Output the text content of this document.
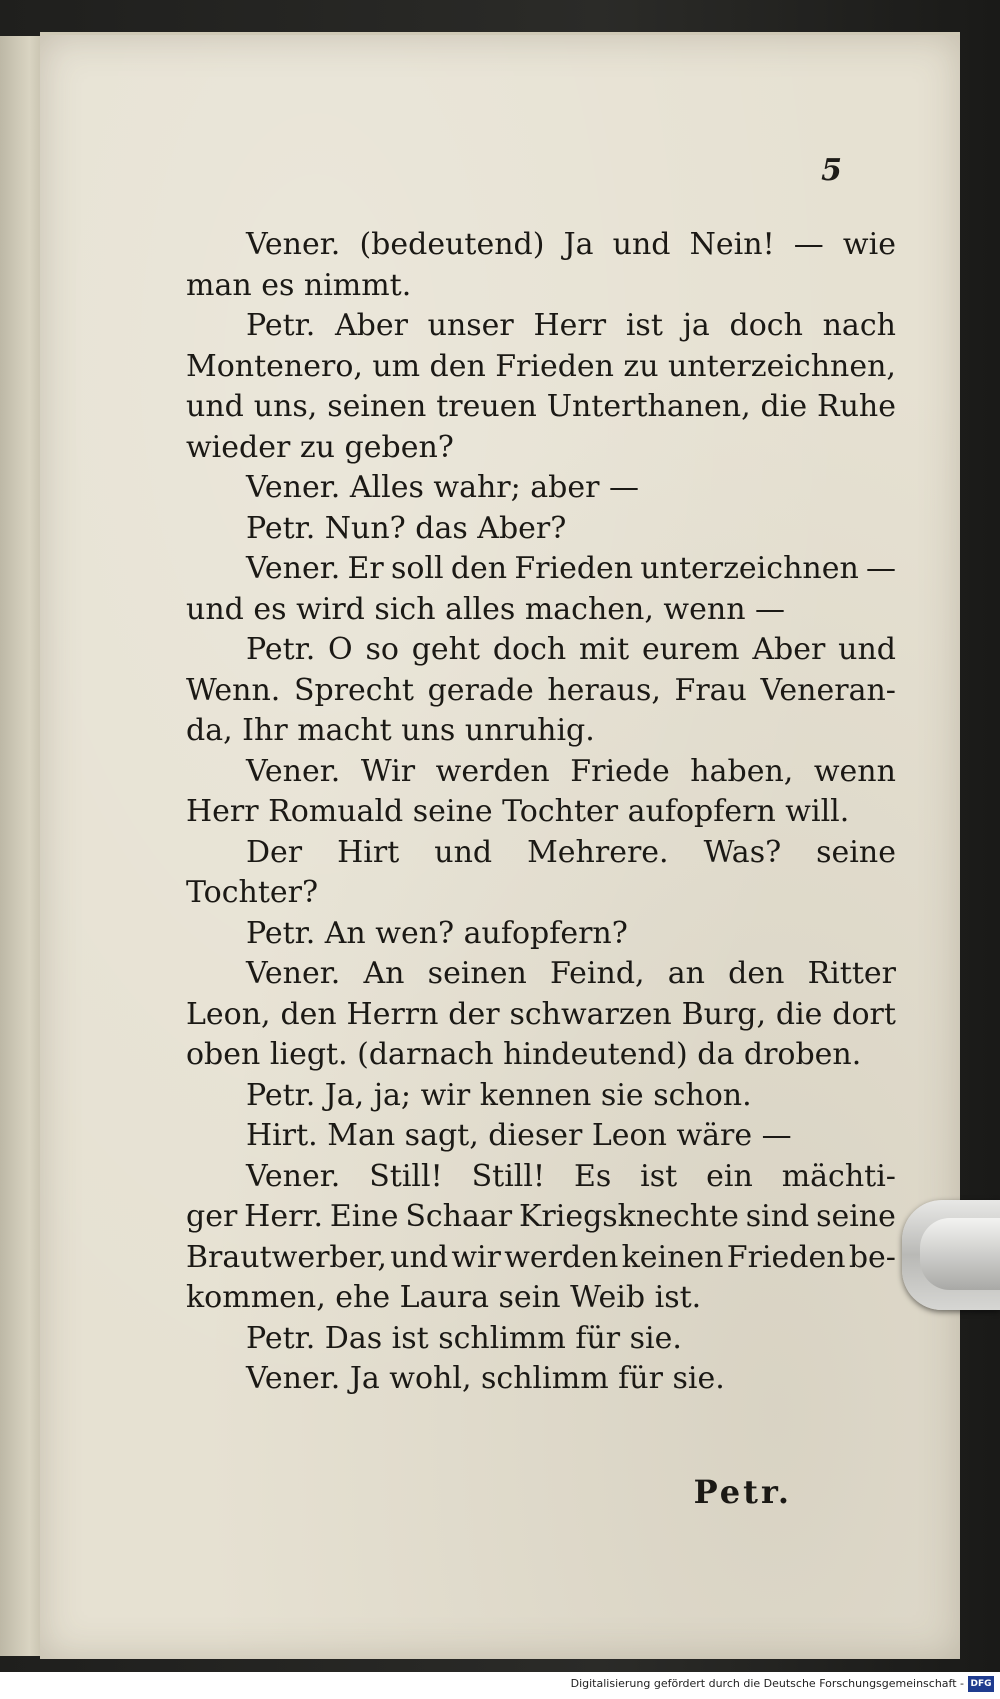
5
Vener. (bedeutend) Ja und Nein! — wie
man es nimmt.
Petr. Aber unser Herr ist ja doch nach
Montenero, um den Frieden zu unterzeichnen,
und uns, seinen treuen Unterthanen, die Ruhe
wieder zu geben?
Vener. Alles wahr; aber —
Petr. Nun? das Aber?
Vener. Er soll den Frieden unterzeichnen —
und es wird sich alles machen, wenn —
Petr. O so geht doch mit eurem Aber und
Wenn. Sprecht gerade heraus, Frau Veneran-
da, Ihr macht uns unruhig.
Vener. Wir werden Friede haben, wenn
Herr Romuald seine Tochter aufopfern will.
Der Hirt und Mehrere. Was? seine
Tochter?
Petr. An wen? aufopfern?
Vener. An seinen Feind, an den Ritter
Leon, den Herrn der schwarzen Burg, die dort
oben liegt. (darnach hindeutend) da droben.
Petr. Ja, ja; wir kennen sie schon.
Hirt. Man sagt, dieser Leon wäre —
Vener. Still! Still! Es ist ein mächti-
ger Herr. Eine Schaar Kriegsknechte sind seine
Brautwerber, und wir werden keinen Frieden be-
kommen, ehe Laura sein Weib ist.
Petr. Das ist schlimm für sie.
Vener. Ja wohl, schlimm für sie.
Petr.
Digitalisierung gefördert durch die Deutsche Forschungsgemeinschaft - DFG
